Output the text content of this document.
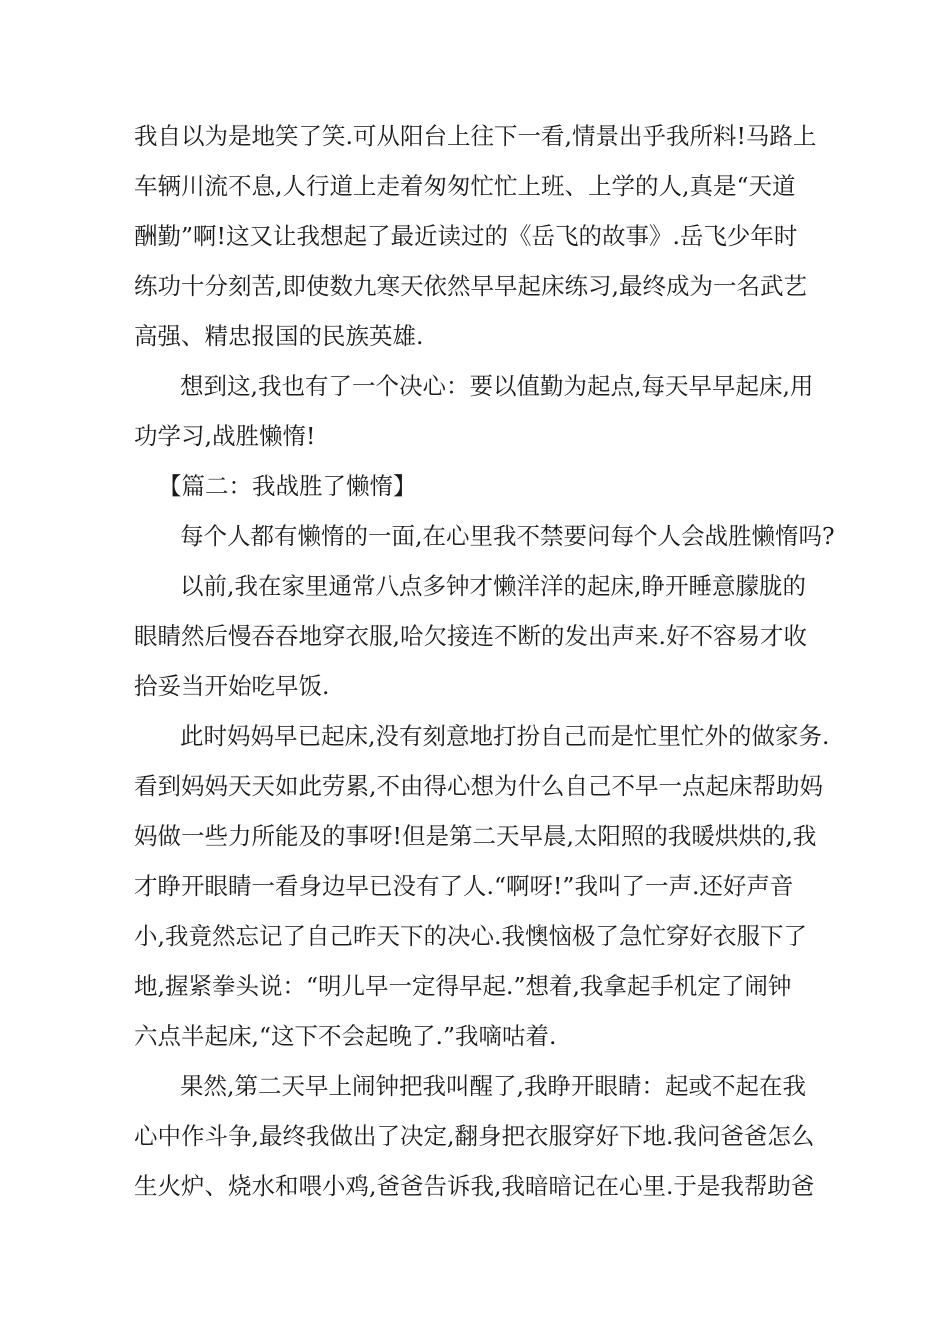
我自以为是地笑了笑.可从阳台上往下一看,情景出乎我所料!马路上
车辆川流不息,人行道上走着匆匆忙忙上班、上学的人,真是“天道
酬勤”啊!这又让我想起了最近读过的《岳飞的故事》.岳飞少年时
练功十分刻苦,即使数九寒天依然早早起床练习,最终成为一名武艺
高强、精忠报国的民族英雄.
想到这,我也有了一个决心：要以值勤为起点,每天早早起床,用
功学习,战胜懒惰!
【篇二：我战胜了懒惰】
每个人都有懒惰的一面,在心里我不禁要问每个人会战胜懒惰吗?
以前,我在家里通常八点多钟才懒洋洋的起床,睁开睡意朦胧的
眼睛然后慢吞吞地穿衣服,哈欠接连不断的发出声来.好不容易才收
拾妥当开始吃早饭.
此时妈妈早已起床,没有刻意地打扮自己而是忙里忙外的做家务.
看到妈妈天天如此劳累,不由得心想为什么自己不早一点起床帮助妈
妈做一些力所能及的事呀!但是第二天早晨,太阳照的我暖烘烘的,我
才睁开眼睛一看身边早已没有了人.“啊呀!”我叫了一声.还好声音
小,我竟然忘记了自己昨天下的决心.我懊恼极了急忙穿好衣服下了
地,握紧拳头说：“明儿早一定得早起.”想着,我拿起手机定了闹钟
六点半起床,“这下不会起晚了.”我嘀咕着.
果然,第二天早上闹钟把我叫醒了,我睁开眼睛：起或不起在我
心中作斗争,最终我做出了决定,翻身把衣服穿好下地.我问爸爸怎么
生火炉、烧水和喂小鸡,爸爸告诉我,我暗暗记在心里.于是我帮助爸
